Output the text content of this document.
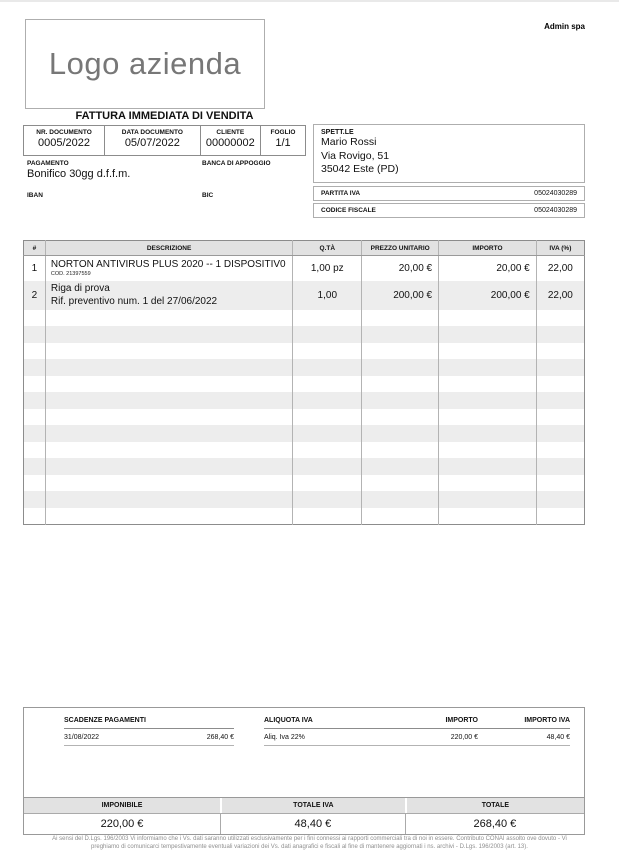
Admin spa
Logo azienda
FATTURA IMMEDIATA DI VENDITA
NR. DOCUMENTO
0005/2022
DATA DOCUMENTO
05/07/2022
CLIENTE
00000002
FOGLIO
1/1
PAGAMENTO
Bonifico 30gg d.f.f.m.
BANCA DI APPOGGIO
IBAN	BIC
SPETT.LE
Mario Rossi
Via Rovigo, 51
35042 Este (PD)
PARTITA IVA	05024030289
CODICE FISCALE	05024030289
#	DESCRIZIONE	Q.TÀ	PREZZO UNITARIO	IMPORTO	IVA (%)
1	NORTON ANTIVIRUS PLUS 2020 -- 1 DISPOSITIV0
COD. 21397559	1,00 pz	20,00 €	20,00 €	22,00
2	Riga di prova
Rif. preventivo num. 1 del 27/06/2022	1,00	200,00 €	200,00 €	22,00

SCADENZE PAGAMENTI
31/08/2022	268,40 €
ALIQUOTA IVA	IMPORTO	IMPORTO IVA
Aliq. Iva 22%	220,00 €	48,40 €
IMPONIBILE	TOTALE IVA	TOTALE
220,00 €	48,40 €	268,40 €
Ai sensi del D.Lgs. 196/2003 Vi informiamo che i Vs. dati saranno utilizzati esclusivamente per i fini connessi ai rapporti commerciali tra di noi in essere. Contributo CONAI assolto ove dovuto - Vi
preghiamo di comunicarci tempestivamente eventuali variazioni dei Vs. dati anagrafici e fiscali al fine di mantenere aggiornati i ns. archivi - D.Lgs. 196/2003 (art. 13).
